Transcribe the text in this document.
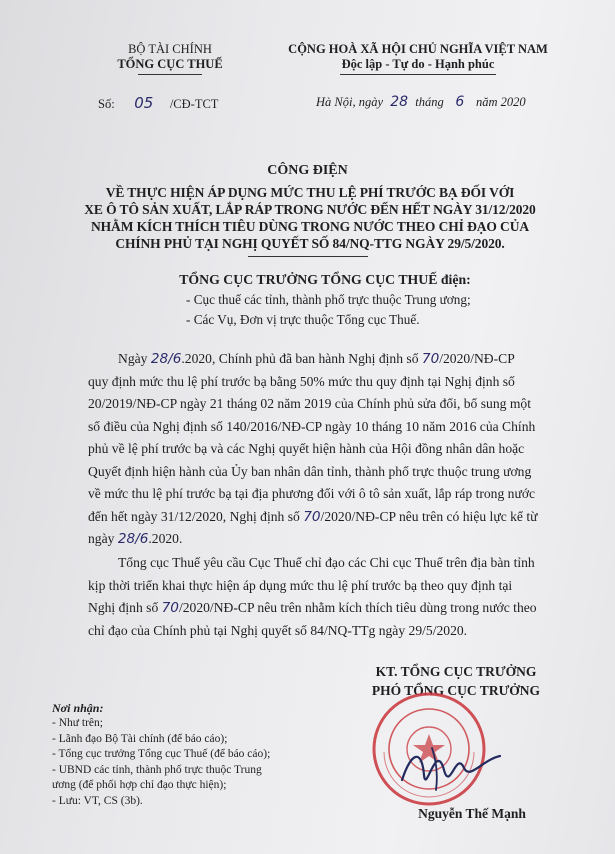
BỘ TÀI CHÍNH
TỔNG CỤC THUẾ
CỘNG HOÀ XÃ HỘI CHỦ NGHĨA VIỆT NAM
Độc lập - Tự do - Hạnh phúc
Số: 05 /CĐ-TCT	Hà Nội, ngày 28 tháng 6 năm 2020
CÔNG ĐIỆN
VỀ THỰC HIỆN ÁP DỤNG MỨC THU LỆ PHÍ TRƯỚC BẠ ĐỐI VỚI
XE Ô TÔ SẢN XUẤT, LẮP RÁP TRONG NƯỚC ĐẾN HẾT NGÀY 31/12/2020
NHẰM KÍCH THÍCH TIÊU DÙNG TRONG NƯỚC THEO CHỈ ĐẠO CỦA
CHÍNH PHỦ TẠI NGHỊ QUYẾT SỐ 84/NQ-TTG NGÀY 29/5/2020.
TỔNG CỤC TRƯỞNG TỔNG CỤC THUẾ điện:
- Cục thuế các tỉnh, thành phố trực thuộc Trung ương;
- Các Vụ, Đơn vị trực thuộc Tổng cục Thuế.
Ngày 28/6.2020, Chính phủ đã ban hành Nghị định số 70/2020/NĐ-CP
quy định mức thu lệ phí trước bạ bằng 50% mức thu quy định tại Nghị định số
20/2019/NĐ-CP ngày 21 tháng 02 năm 2019 của Chính phủ sửa đổi, bổ sung một
số điều của Nghị định số 140/2016/NĐ-CP ngày 10 tháng 10 năm 2016 của Chính
phủ về lệ phí trước bạ và các Nghị quyết hiện hành của Hội đồng nhân dân hoặc
Quyết định hiện hành của Ủy ban nhân dân tỉnh, thành phố trực thuộc trung ương
về mức thu lệ phí trước bạ tại địa phương đối với ô tô sản xuất, lắp ráp trong nước
đến hết ngày 31/12/2020, Nghị định số 70/2020/NĐ-CP nêu trên có hiệu lực kể từ
ngày 28/6.2020.
Tổng cục Thuế yêu cầu Cục Thuế chỉ đạo các Chi cục Thuế trên địa bàn tỉnh
kịp thời triển khai thực hiện áp dụng mức thu lệ phí trước bạ theo quy định tại
Nghị định số 70/2020/NĐ-CP nêu trên nhằm kích thích tiêu dùng trong nước theo
chỉ đạo của Chính phủ tại Nghị quyết số 84/NQ-TTg ngày 29/5/2020.
KT. TỔNG CỤC TRƯỞNG
PHÓ TỔNG CỤC TRƯỞNG
Nguyễn Thế Mạnh
Nơi nhận:
- Như trên;
- Lãnh đạo Bộ Tài chính (để báo cáo);
- Tổng cục trưởng Tổng cục Thuế (để báo cáo);
- UBND các tỉnh, thành phố trực thuộc Trung
ương (để phối hợp chỉ đạo thực hiện);
- Lưu: VT, CS (3b).
